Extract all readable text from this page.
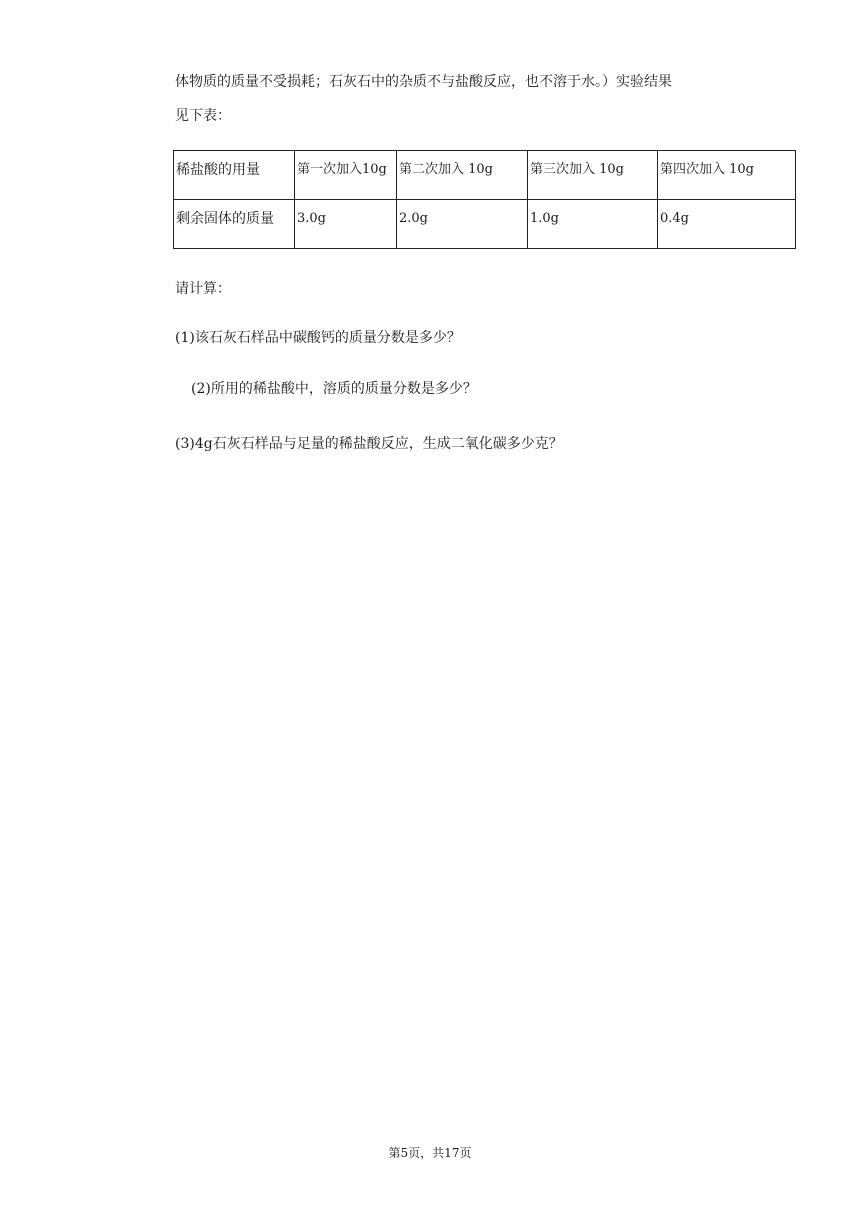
体物质的质量不受损耗；石灰石中的杂质不与盐酸反应，也不溶于水。）实验结果
见下表：
稀盐酸的用量	第一次加入10g	第二次加入 10g	第三次加入 10g	第四次加入 10g
剩余固体的质量	3.0g	2.0g	1.0g	0.4g
请计算：
(1)该石灰石样品中碳酸钙的质量分数是多少？
(2)所用的稀盐酸中，溶质的质量分数是多少？
(3)4g石灰石样品与足量的稀盐酸反应，生成二氧化碳多少克？
第5页，共17页
